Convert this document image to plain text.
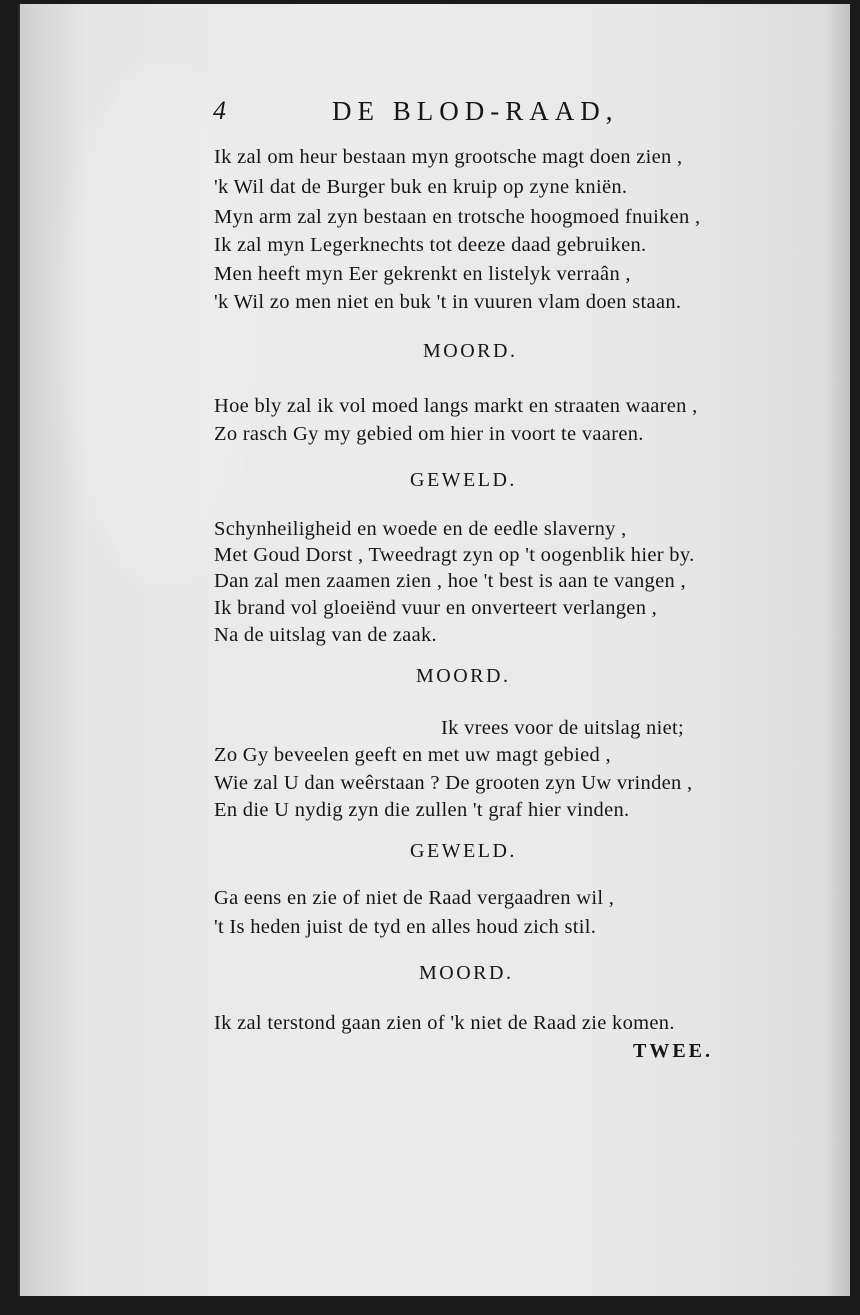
4	DE BLOD-RAAD,
Ik zal om heur bestaan myn grootsche magt doen zien ,
'k Wil dat de Burger buk en kruip op zyne kniën.
Myn arm zal zyn bestaan en trotsche hoogmoed fnuiken ,
Ik zal myn Legerknechts tot deeze daad gebruiken.
Men heeft myn Eer gekrenkt en listelyk verraân ,
'k Wil zo men niet en buk 't in vuuren vlam doen staan.
MOORD.
Hoe bly zal ik vol moed langs markt en straaten waaren ,
Zo rasch Gy my gebied om hier in voort te vaaren.
GEWELD.
Schynheiligheid en woede en de eedle slaverny ,
Met Goud Dorst , Tweedragt zyn op 't oogenblik hier by.
Dan zal men zaamen zien , hoe 't best is aan te vangen ,
Ik brand vol gloeiënd vuur en onverteert verlangen ,
Na de uitslag van de zaak.
MOORD.
Ik vrees voor de uitslag niet;
Zo Gy beveelen geeft en met uw magt gebied ,
Wie zal U dan weêrstaan ? De grooten zyn Uw vrinden ,
En die U nydig zyn die zullen 't graf hier vinden.
GEWELD.
Ga eens en zie of niet de Raad vergaadren wil ,
't Is heden juist de tyd en alles houd zich stil.
MOORD.
Ik zal terstond gaan zien of 'k niet de Raad zie komen.
TWEE.
